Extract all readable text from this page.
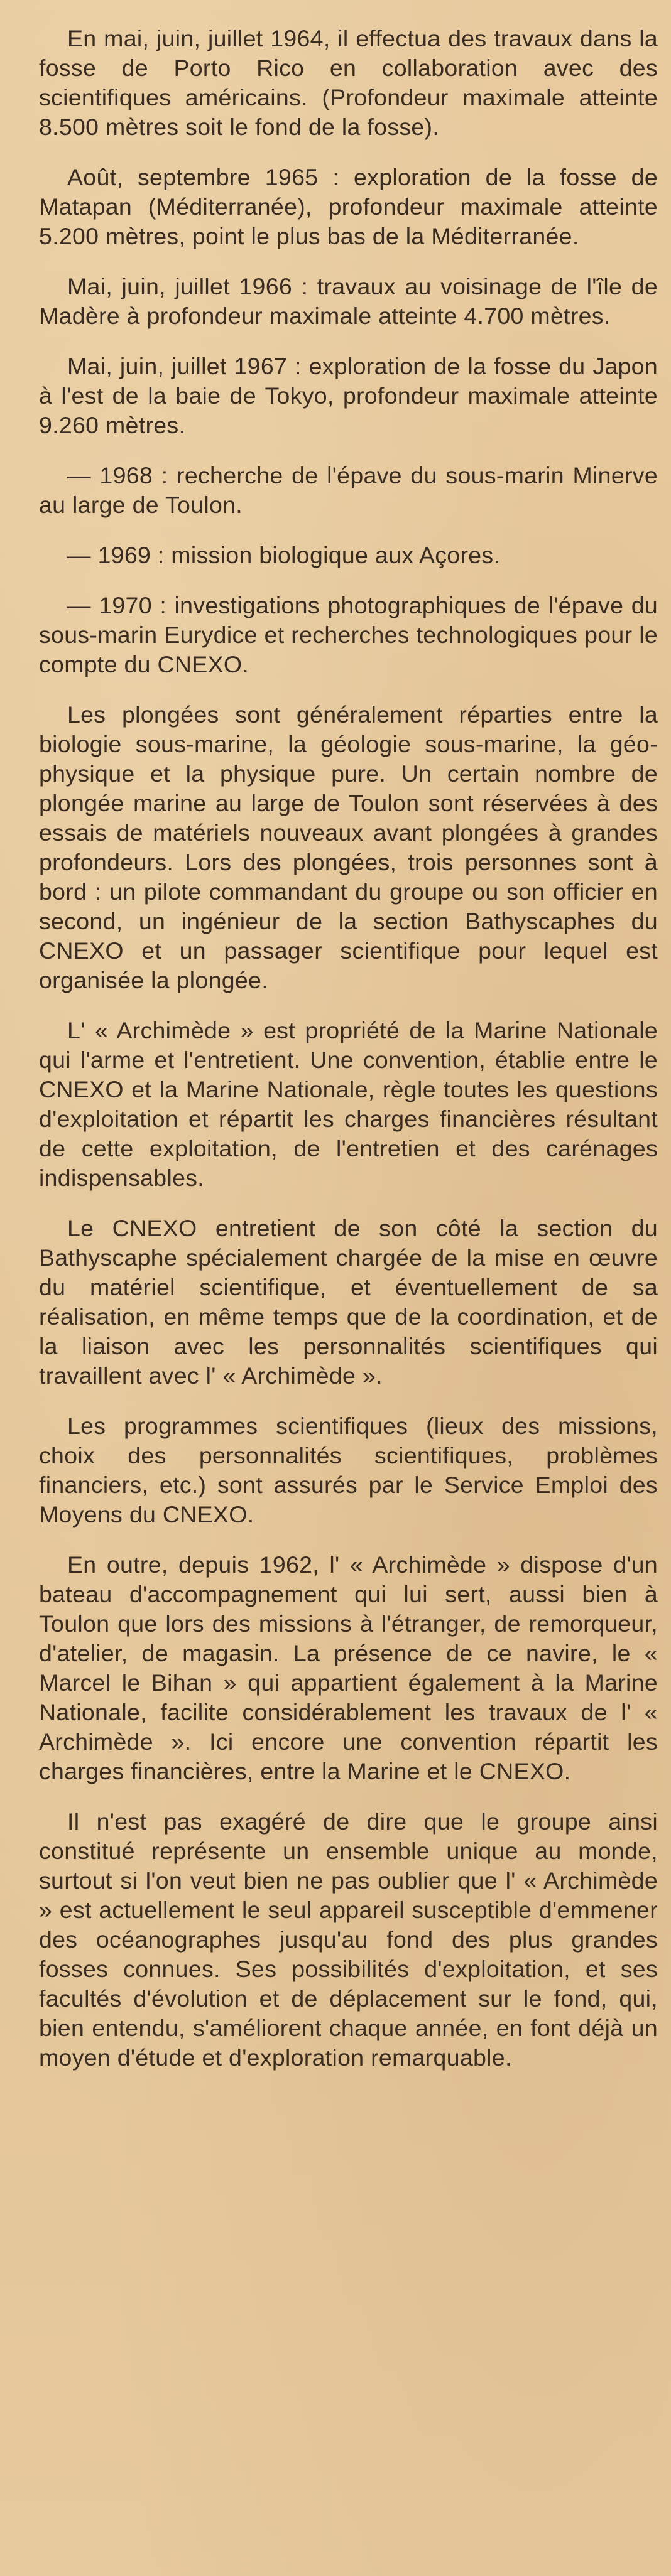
En mai, juin, juillet 1964, il effectua des travaux dans la fosse de Porto Rico en collaboration avec des scientifiques américains. (Profondeur maximale atteinte 8.500 mètres soit le fond de la fosse).

Août, septembre 1965 : exploration de la fosse de Matapan (Méditerranée), profondeur maximale atteinte 5.200 mètres, point le plus bas de la Méditerranée.

Mai, juin, juillet 1966 : travaux au voisinage de l'île de Madère à profondeur maximale atteinte 4.700 mètres.

Mai, juin, juillet 1967 : exploration de la fosse du Japon à l'est de la baie de Tokyo, profondeur maximale atteinte 9.260 mètres.

— 1968 : recherche de l'épave du sous-marin Minerve au large de Toulon.

— 1969 : mission biologique aux Açores.

— 1970 : investigations photographiques de l'épave du sous-marin Eurydice et recherches technologiques pour le compte du CNEXO.

Les plongées sont généralement réparties entre la biologie sous-marine, la géologie sous-marine, la géo-physique et la physique pure. Un certain nombre de plongée marine au large de Toulon sont réservées à des essais de matériels nouveaux avant plongées à grandes profondeurs. Lors des plongées, trois personnes sont à bord : un pilote commandant du groupe ou son officier en second, un ingénieur de la section Bathyscaphes du CNEXO et un passager scientifique pour lequel est organisée la plongée.

L' « Archimède » est propriété de la Marine Nationale qui l'arme et l'entretient. Une convention, établie entre le CNEXO et la Marine Nationale, règle toutes les questions d'exploitation et répartit les charges financières résultant de cette exploitation, de l'entretien et des carénages indispensables.

Le CNEXO entretient de son côté la section du Bathyscaphe spécialement chargée de la mise en œuvre du matériel scientifique, et éventuellement de sa réalisation, en même temps que de la coordination, et de la liaison avec les personnalités scientifiques qui travaillent avec l' « Archimède ».

Les programmes scientifiques (lieux des missions, choix des personnalités scientifiques, problèmes financiers, etc.) sont assurés par le Service Emploi des Moyens du CNEXO.

En outre, depuis 1962, l' « Archimède » dispose d'un bateau d'accompagnement qui lui sert, aussi bien à Toulon que lors des missions à l'étranger, de remorqueur, d'atelier, de magasin. La présence de ce navire, le « Marcel le Bihan » qui appartient également à la Marine Nationale, facilite considérablement les travaux de l' « Archimède ». Ici encore une convention répartit les charges financières, entre la Marine et le CNEXO.

Il n'est pas exagéré de dire que le groupe ainsi constitué représente un ensemble unique au monde, surtout si l'on veut bien ne pas oublier que l' « Archimède » est actuellement le seul appareil susceptible d'emmener des océanographes jusqu'au fond des plus grandes fosses connues. Ses possibilités d'exploitation, et ses facultés d'évolution et de déplacement sur le fond, qui, bien entendu, s'améliorent chaque année, en font déjà un moyen d'étude et d'exploration remarquable.
